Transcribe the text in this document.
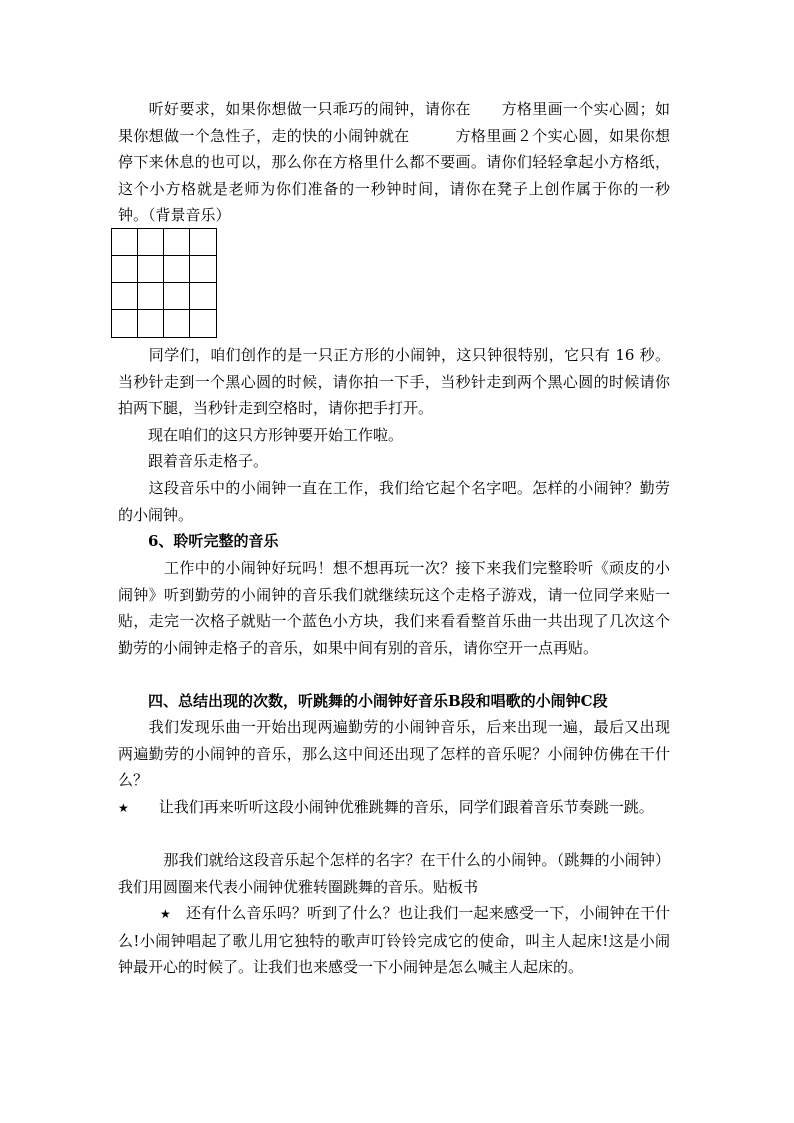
　　听好要求，如果你想做一只乖巧的闹钟，请你在　　方格里画一个实心圆；如果你想做一个急性子，走的快的小闹钟就在　　　方格里画２个实心圆，如果你想停下来休息的也可以，那么你在方格里什么都不要画。请你们轻轻拿起小方格纸，这个小方格就是老师为你们准备的一秒钟时间，请你在凳子上创作属于你的一秒钟。（背景音乐）

　　同学们，咱们创作的是一只正方形的小闹钟，这只钟很特别，它只有 16 秒。当秒针走到一个黑心圆的时候，请你拍一下手，当秒针走到两个黑心圆的时候请你拍两下腿，当秒针走到空格时，请你把手打开。

　　现在咱们的这只方形钟要开始工作啦。

　　跟着音乐走格子。

　　这段音乐中的小闹钟一直在工作，我们给它起个名字吧。怎样的小闹钟？勤劳的小闹钟。

　　6、聆听完整的音乐

　　　工作中的小闹钟好玩吗！想不想再玩一次？接下来我们完整聆听《顽皮的小闹钟》听到勤劳的小闹钟的音乐我们就继续玩这个走格子游戏，请一位同学来贴一贴，走完一次格子就贴一个蓝色小方块，我们来看看整首乐曲一共出现了几次这个勤劳的小闹钟走格子的音乐，如果中间有别的音乐，请你空开一点再贴。

　　四、总结出现的次数，听跳舞的小闹钟好音乐B段和唱歌的小闹钟C段

　　我们发现乐曲一开始出现两遍勤劳的小闹钟音乐，后来出现一遍，最后又出现两遍勤劳的小闹钟的音乐，那么这中间还出现了怎样的音乐呢？小闹钟仿佛在干什么？

★　　让我们再来听听这段小闹钟优雅跳舞的音乐，同学们跟着音乐节奏跳一跳。

　　　那我们就给这段音乐起个怎样的名字？在干什么的小闹钟。（跳舞的小闹钟）我们用圆圈来代表小闹钟优雅转圈跳舞的音乐。贴板书

★　还有什么音乐吗？听到了什么？也让我们一起来感受一下，小闹钟在干什么!小闹钟唱起了歌儿用它独特的歌声叮铃铃完成它的使命，叫主人起床!这是小闹钟最开心的时候了。让我们也来感受一下小闹钟是怎么喊主人起床的。
